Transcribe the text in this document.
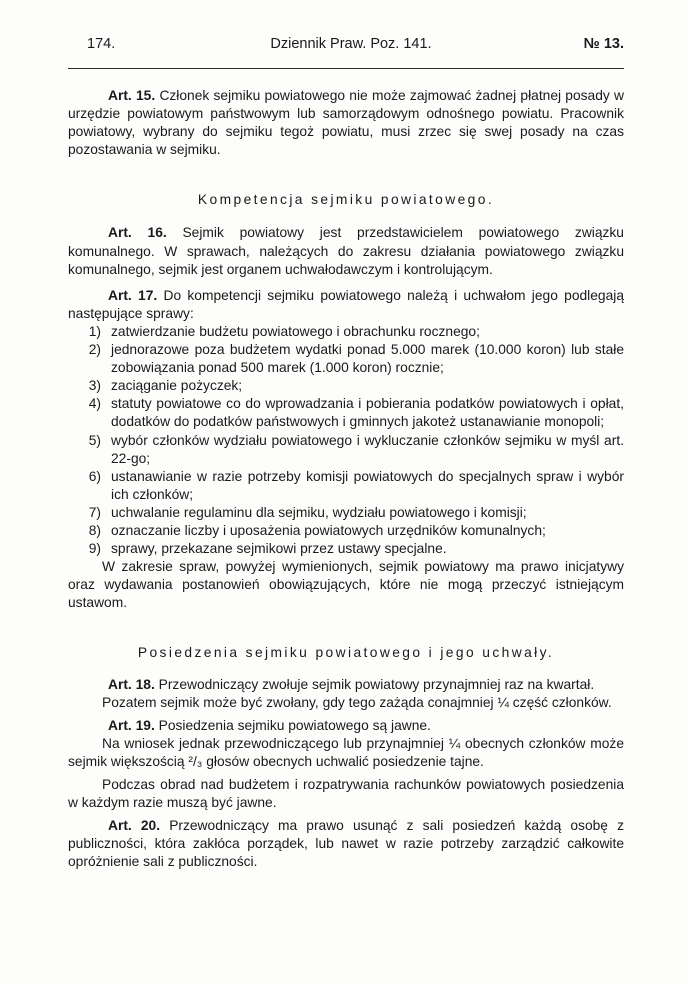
174.	Dziennik Praw. Poz. 141.	№ 13.

Art. 15. Członek sejmiku powiatowego nie może zajmować żadnej płatnej posady w urzędzie powiatowym państwowym lub samorządowym odnośnego powiatu. Pracownik powiatowy, wybrany do sejmiku tegoż powiatu, musi zrzec się swej posady na czas pozostawania w sejmiku.

Kompetencja sejmiku powiatowego.

Art. 16. Sejmik powiatowy jest przedstawicielem powiatowego związku komunalnego. W sprawach, należących do zakresu działania powiatowego związku komunalnego, sejmik jest organem uchwałodawczym i kontrolującym.

Art. 17. Do kompetencji sejmiku powiatowego należą i uchwałom jego podlegają następujące sprawy:

1) zatwierdzanie budżetu powiatowego i obrachunku rocznego;
2) jednorazowe poza budżetem wydatki ponad 5.000 marek (10.000 koron) lub stałe zobowiązania ponad 500 marek (1.000 koron) rocznie;
3) zaciąganie pożyczek;
4) statuty powiatowe co do wprowadzania i pobierania podatków powiatowych i opłat, dodatków do podatków państwowych i gminnych jakoteż ustanawianie monopoli;
5) wybór członków wydziału powiatowego i wykluczanie członków sejmiku w myśl art. 22-go;
6) ustanawianie w razie potrzeby komisji powiatowych do specjalnych spraw i wybór ich członków;
7) uchwalanie regulaminu dla sejmiku, wydziału powiatowego i komisji;
8) oznaczanie liczby i uposażenia powiatowych urzędników komunalnych;
9) sprawy, przekazane sejmikowi przez ustawy specjalne.

W zakresie spraw, powyżej wymienionych, sejmik powiatowy ma prawo inicjatywy oraz wydawania postanowień obowiązujących, które nie mogą przeczyć istniejącym ustawom.

Posiedzenia sejmiku powiatowego i jego uchwały.

Art. 18. Przewodniczący zwołuje sejmik powiatowy przynajmniej raz na kwartał.

Pozatem sejmik może być zwołany, gdy tego zażąda conajmniej ¼ część członków.

Art. 19. Posiedzenia sejmiku powiatowego są jawne.

Na wniosek jednak przewodniczącego lub przynajmniej ¼ obecnych członków może sejmik większością ²/₃ głosów obecnych uchwalić posiedzenie tajne.

Podczas obrad nad budżetem i rozpatrywania rachunków powiatowych posiedzenia w każdym razie muszą być jawne.

Art. 20. Przewodniczący ma prawo usunąć z sali posiedzeń każdą osobę z publiczności, która zakłóca porządek, lub nawet w razie potrzeby zarządzić całkowite opróżnienie sali z publiczności.
